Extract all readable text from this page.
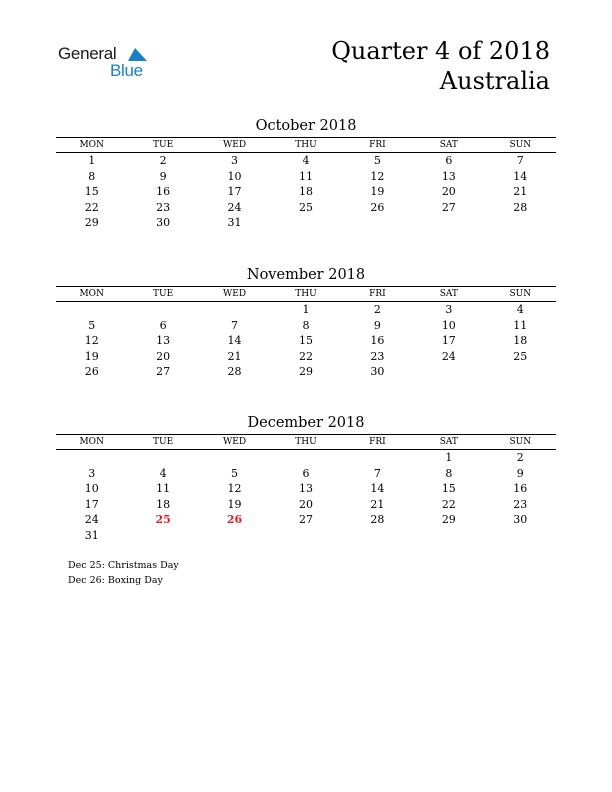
General
Blue
Quarter 4 of 2018
Australia
October 2018
MON	TUE	WED	THU	FRI	SAT	SUN
1	2	3	4	5	6	7
8	9	10	11	12	13	14
15	16	17	18	19	20	21
22	23	24	25	26	27	28
29	30	31				
November 2018
MON	TUE	WED	THU	FRI	SAT	SUN
			1	2	3	4
5	6	7	8	9	10	11
12	13	14	15	16	17	18
19	20	21	22	23	24	25
26	27	28	29	30		
December 2018
MON	TUE	WED	THU	FRI	SAT	SUN
					1	2
3	4	5	6	7	8	9
10	11	12	13	14	15	16
17	18	19	20	21	22	23
24	25	26	27	28	29	30
31						
Dec 25: Christmas Day
Dec 26: Boxing Day
